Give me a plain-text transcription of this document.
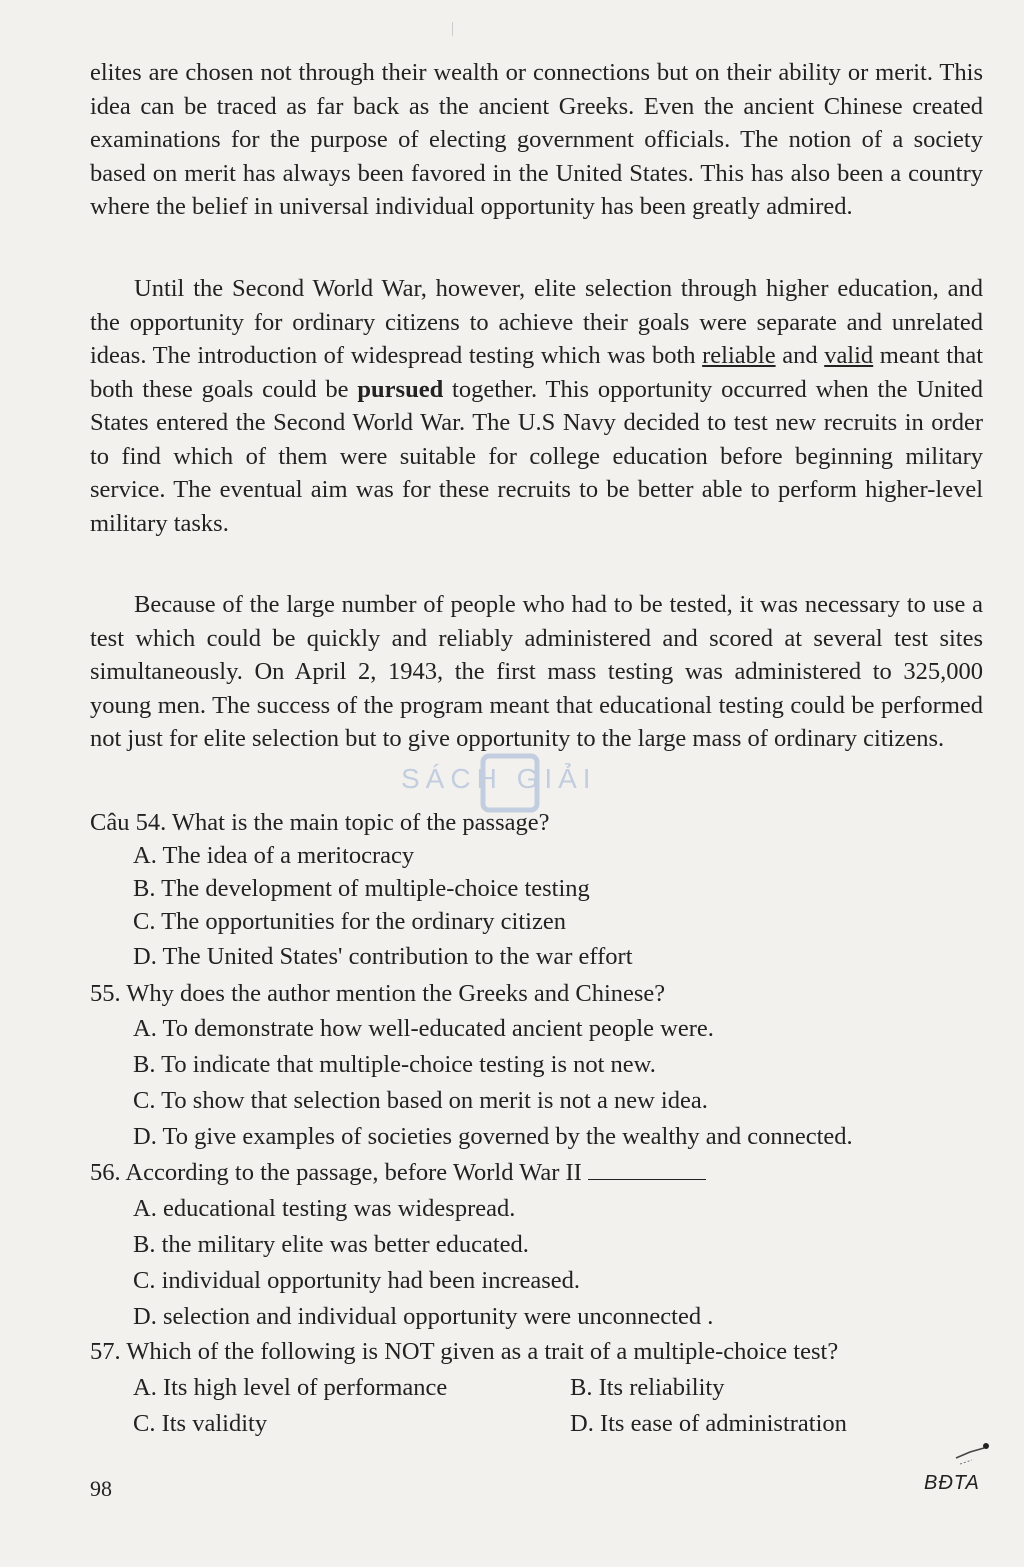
elites are chosen not through their wealth or connections but on their ability or merit. This idea can be traced as far back as the ancient Greeks. Even the ancient Chinese created examinations for the purpose of electing government officials. The notion of a society based on merit has always been favored in the United States. This has also been a country where the belief in universal individual opportunity has been greatly admired.

Until the Second World War, however, elite selection through higher education, and the opportunity for ordinary citizens to achieve their goals were separate and unrelated ideas. The introduction of widespread testing which was both reliable and valid meant that both these goals could be pursued together. This opportunity occurred when the United States entered the Second World War. The U.S Navy decided to test new recruits in order to find which of them were suitable for college education before beginning military service. The eventual aim was for these recruits to be better able to perform higher-level military tasks.

Because of the large number of people who had to be tested, it was necessary to use a test which could be quickly and reliably administered and scored at several test sites simultaneously. On April 2, 1943, the first mass testing was administered to 325,000 young men. The success of the program meant that educational testing could be performed not just for elite selection but to give opportunity to the large mass of ordinary citizens.

SÁCH GIẢI
Câu 54. What is the main topic of the passage?
A. The idea of a meritocracy
B. The development of multiple-choice testing
C. The opportunities for the ordinary citizen
D. The United States' contribution to the war effort
55. Why does the author mention the Greeks and Chinese?
A. To demonstrate how well-educated ancient people were.
B. To indicate that multiple-choice testing is not new.
C. To show that selection based on merit is not a new idea.
D. To give examples of societies governed by the wealthy and connected.
56. According to the passage, before World War II
A. educational testing was widespread.
B. the military elite was better educated.
C. individual opportunity had been increased.
D. selection and individual opportunity were unconnected .
57. Which of the following is NOT given as a trait of a multiple-choice test?
A. Its high level of performance	B. Its reliability
C. Its validity	D. Its ease of administration
98	BĐTA
